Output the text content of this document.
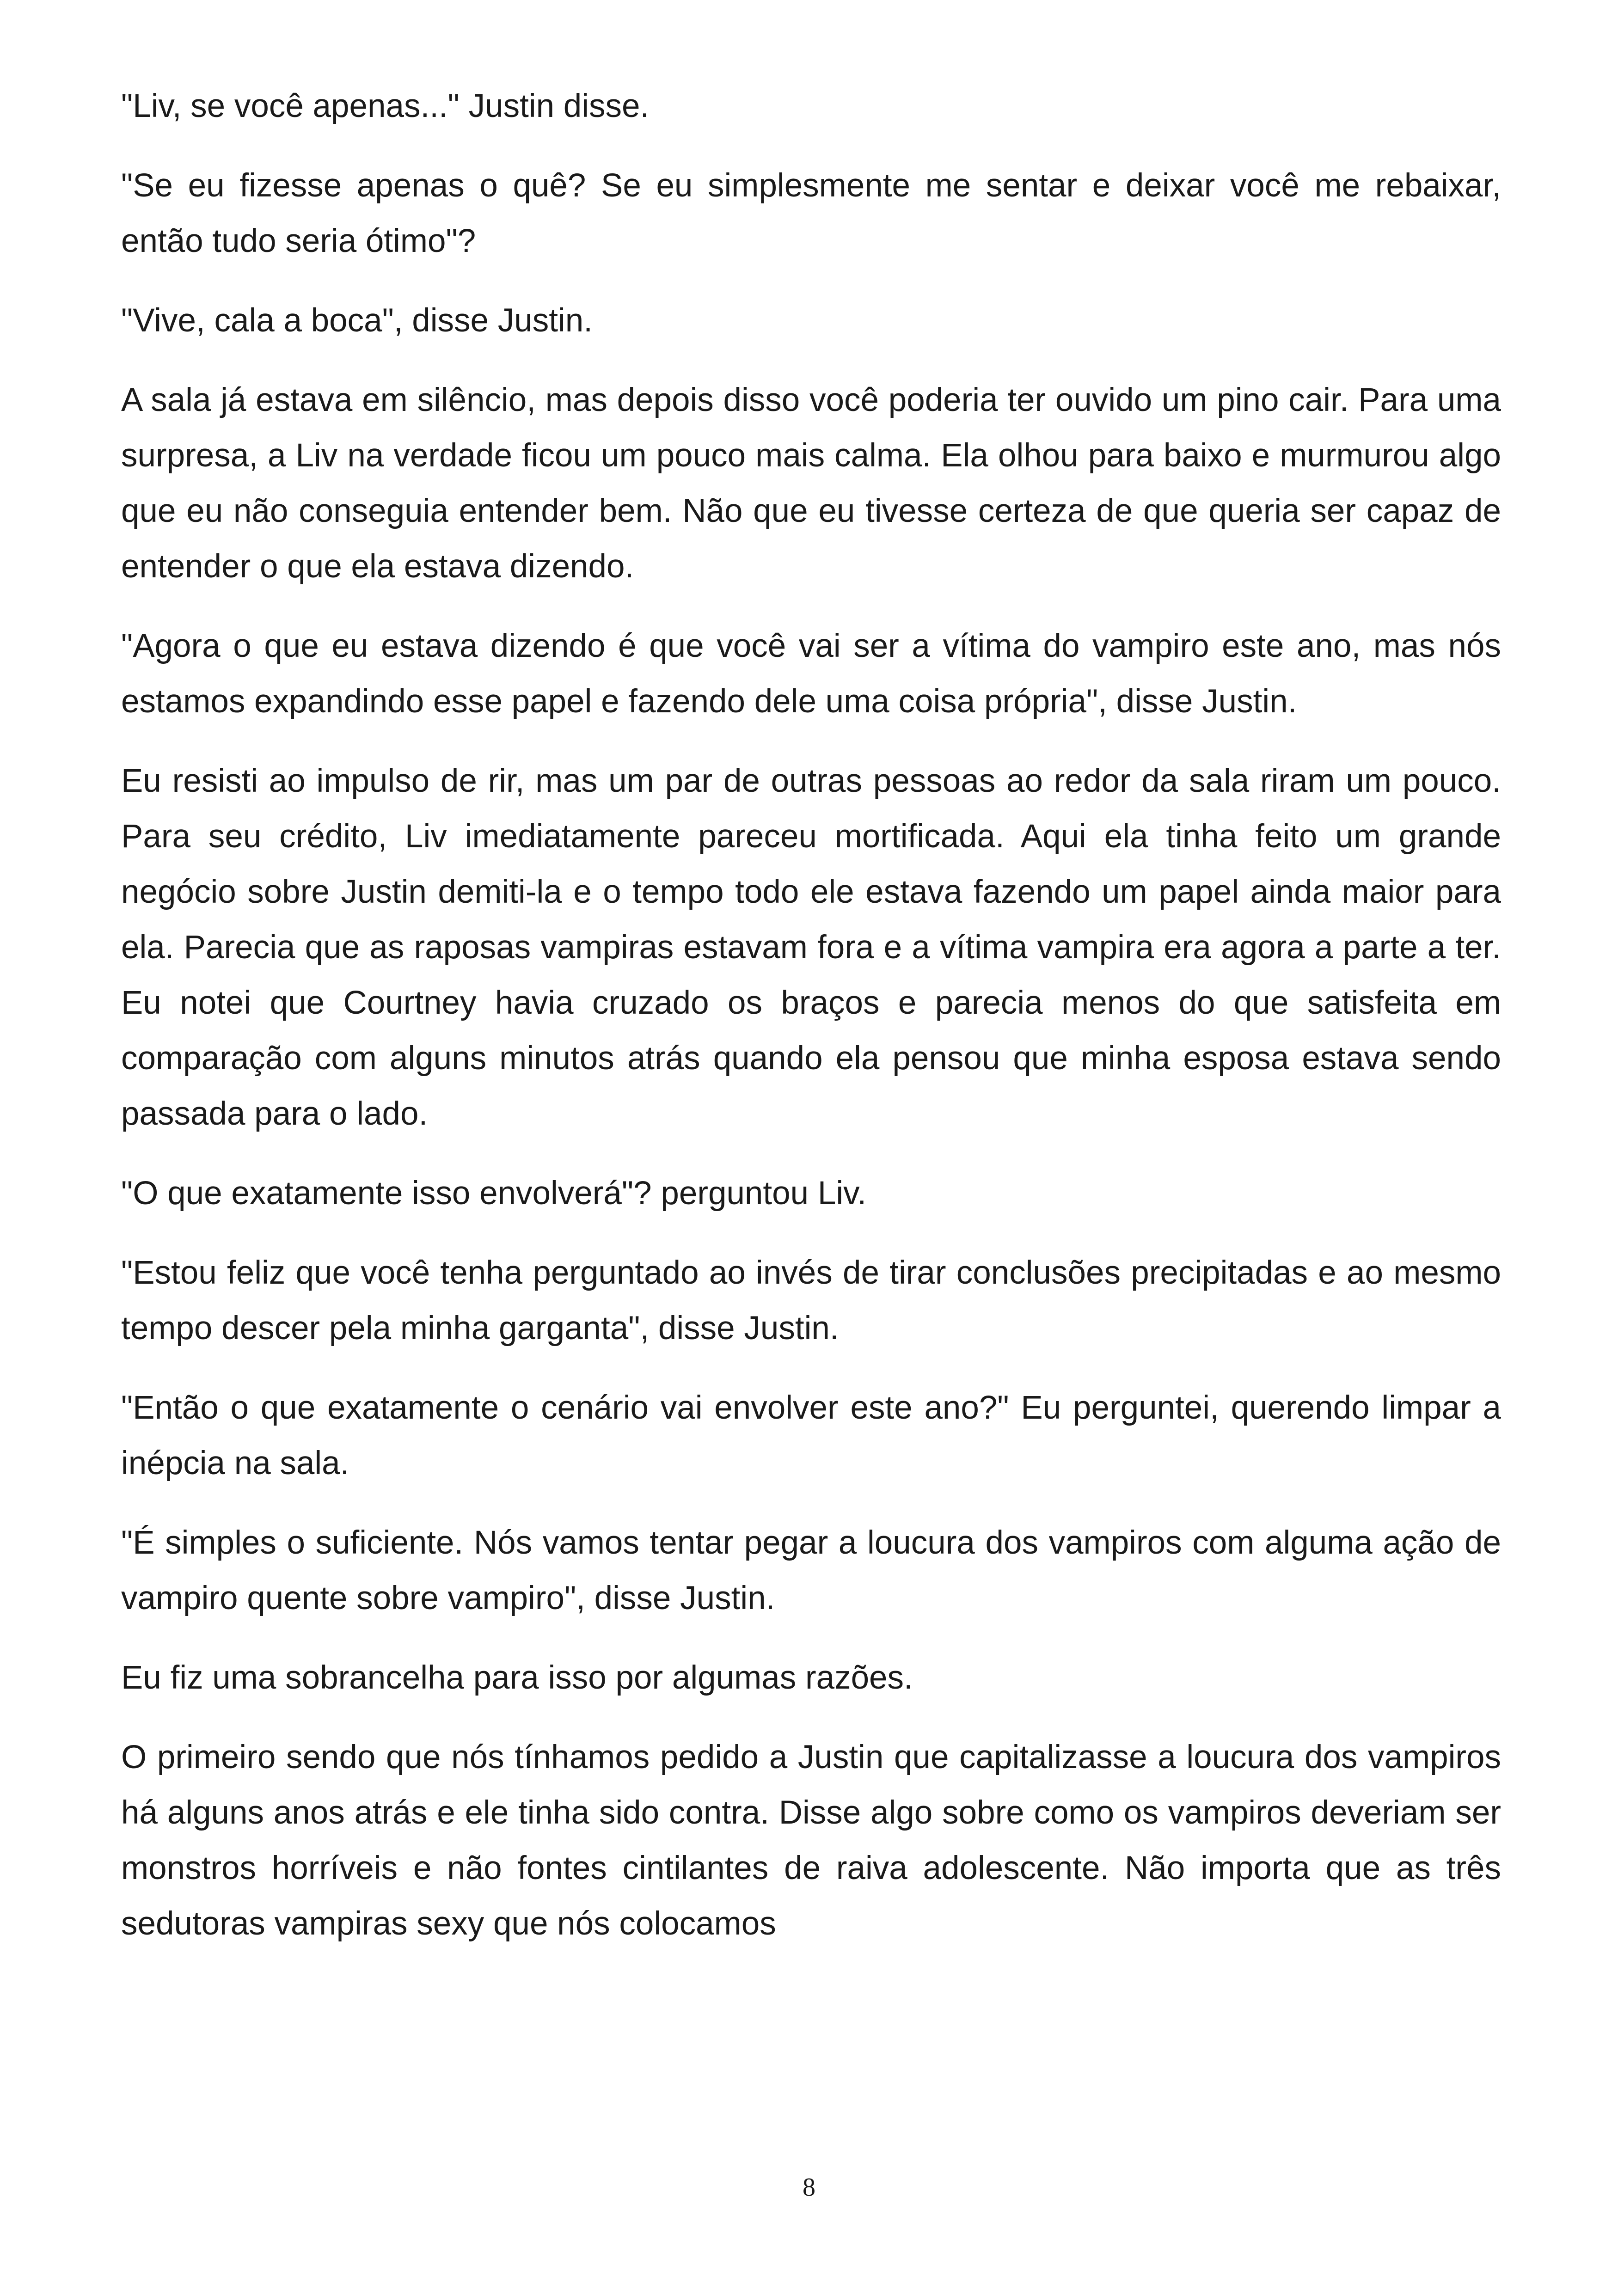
"Liv, se você apenas..." Justin disse.

"Se eu fizesse apenas o quê? Se eu simplesmente me sentar e deixar você me rebaixar, então tudo seria ótimo"?

"Vive, cala a boca", disse Justin.

A sala já estava em silêncio, mas depois disso você poderia ter ouvido um pino cair. Para uma surpresa, a Liv na verdade ficou um pouco mais calma. Ela olhou para baixo e murmurou algo que eu não conseguia entender bem. Não que eu tivesse certeza de que queria ser capaz de entender o que ela estava dizendo.

"Agora o que eu estava dizendo é que você vai ser a vítima do vampiro este ano, mas nós estamos expandindo esse papel e fazendo dele uma coisa própria", disse Justin.

Eu resisti ao impulso de rir, mas um par de outras pessoas ao redor da sala riram um pouco. Para seu crédito, Liv imediatamente pareceu mortificada. Aqui ela tinha feito um grande negócio sobre Justin demiti-la e o tempo todo ele estava fazendo um papel ainda maior para ela. Parecia que as raposas vampiras estavam fora e a vítima vampira era agora a parte a ter. Eu notei que Courtney havia cruzado os braços e parecia menos do que satisfeita em comparação com alguns minutos atrás quando ela pensou que minha esposa estava sendo passada para o lado.

"O que exatamente isso envolverá"? perguntou Liv.

"Estou feliz que você tenha perguntado ao invés de tirar conclusões precipitadas e ao mesmo tempo descer pela minha garganta", disse Justin.

"Então o que exatamente o cenário vai envolver este ano?" Eu perguntei, querendo limpar a inépcia na sala.

"É simples o suficiente. Nós vamos tentar pegar a loucura dos vampiros com alguma ação de vampiro quente sobre vampiro", disse Justin.

Eu fiz uma sobrancelha para isso por algumas razões.

O primeiro sendo que nós tínhamos pedido a Justin que capitalizasse a loucura dos vampiros há alguns anos atrás e ele tinha sido contra. Disse algo sobre como os vampiros deveriam ser monstros horríveis e não fontes cintilantes de raiva adolescente. Não importa que as três sedutoras vampiras sexy que nós colocamos

8
